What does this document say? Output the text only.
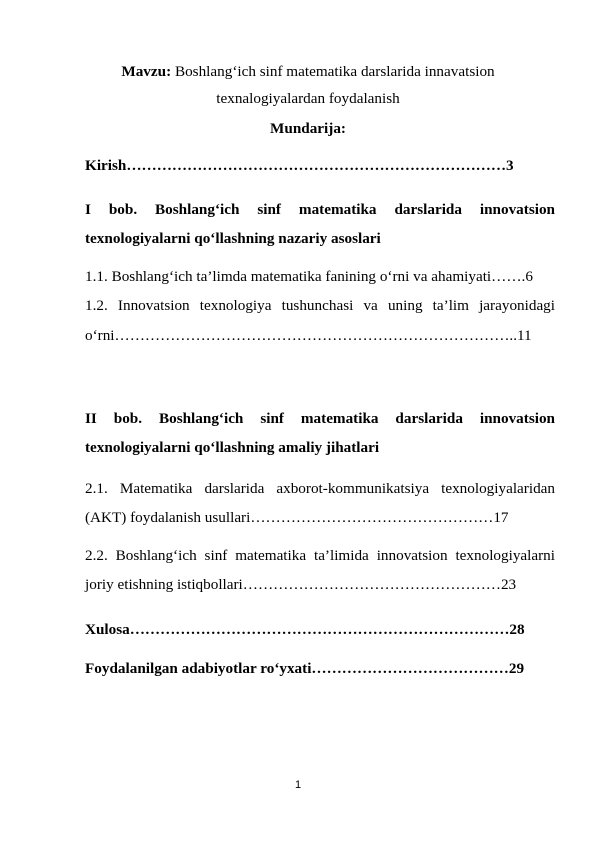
Mavzu: Boshlang‘ich sinf matematika darslarida innavatsion
texnalogiyalardan foydalanish
Mundarija:
Kirish…………………………………………………………………3
I bob. Boshlang‘ich sinf matematika darslarida innovatsion
texnologiyalarni qo‘llashning nazariy asoslari
1.1. Boshlang‘ich ta’limda matematika fanining o‘rni va ahamiyati…….6
1.2. Innovatsion texnologiya tushunchasi va uning ta’lim jarayonidagi
o‘rni……………………………………………………………………..11
II bob. Boshlang‘ich sinf matematika darslarida innovatsion
texnologiyalarni qo‘llashning amaliy jihatlari
2.1. Matematika darslarida axborot-kommunikatsiya texnologiyalaridan
(AKT) foydalanish usullari…………………………………………17
2.2. Boshlang‘ich sinf matematika ta’limida innovatsion texnologiyalarni
joriy etishning istiqbollari……………………………………………23
Xulosa…………………………………………………………………28
Foydalanilgan adabiyotlar ro‘yxati…………………………………29
1
